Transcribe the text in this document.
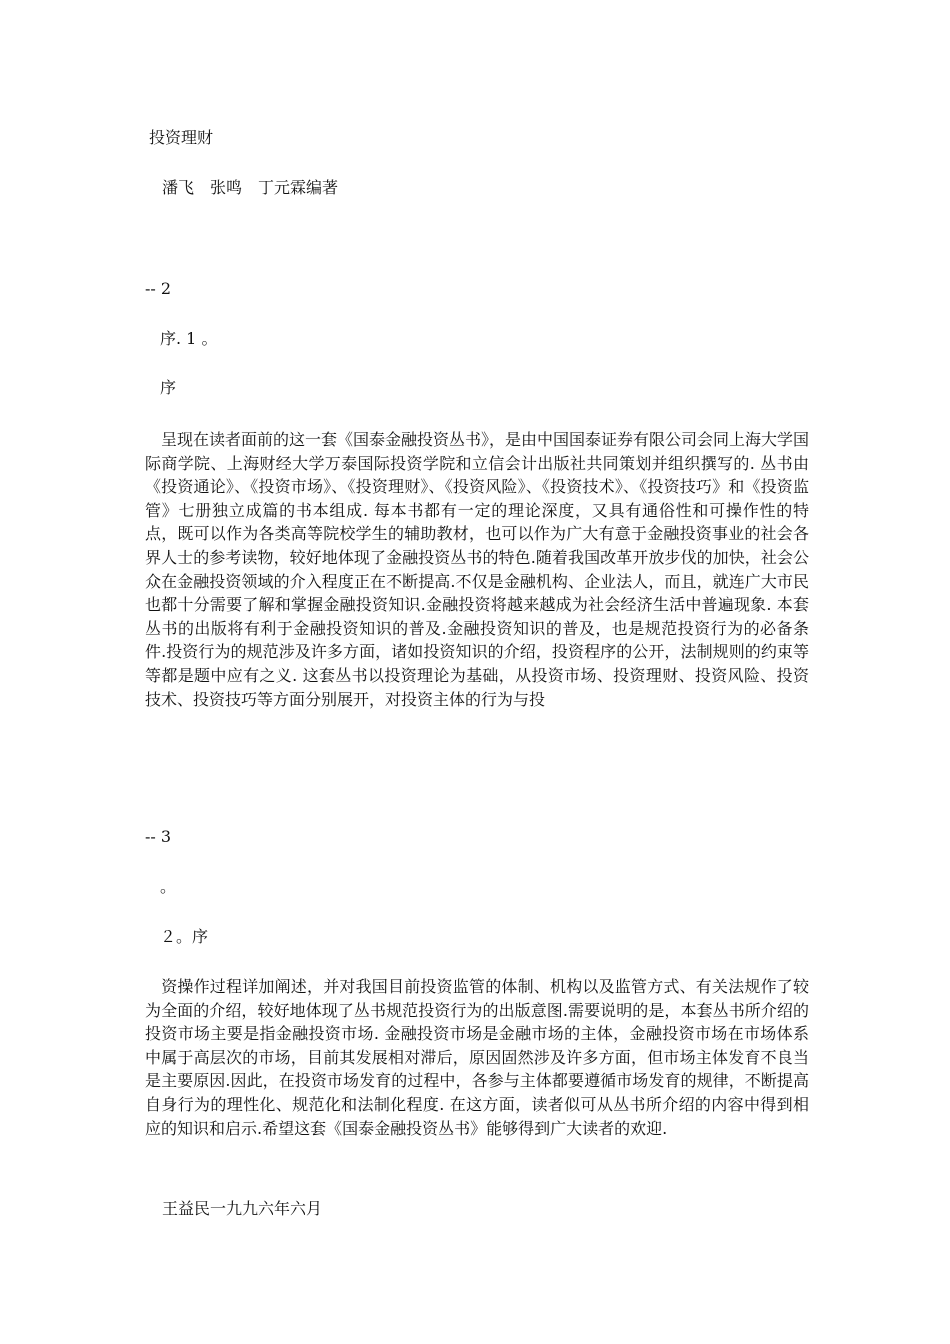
投资理财
潘飞　张鸣　丁元霖编著
-- 2
序. 1 。
序

　呈现在读者面前的这一套《国泰金融投资丛书》，是由中国国泰证券有限公司会同上海大学国际商学院、上海财经大学万泰国际投资学院和立信会计出版社共同策划并组织撰写的. 丛书由《投资通论》、《投资市场》、《投资理财》、《投资风险》、《投资技术》、《投资技巧》和《投资监管》七册独立成篇的书本组成. 每本书都有一定的理论深度，又具有通俗性和可操作性的特点，既可以作为各类高等院校学生的辅助教材，也可以作为广大有意于金融投资事业的社会各界人士的参考读物，较好地体现了金融投资丛书的特色.随着我国改革开放步伐的加快，社会公众在金融投资领域的介入程度正在不断提高.不仅是金融机构、企业法人，而且，就连广大市民也都十分需要了解和掌握金融投资知识.金融投资将越来越成为社会经济生活中普遍现象. 本套丛书的出版将有利于金融投资知识的普及.金融投资知识的普及，也是规范投资行为的必备条件.投资行为的规范涉及许多方面，诸如投资知识的介绍，投资程序的公开，法制规则的约束等等都是题中应有之义. 这套丛书以投资理论为基础，从投资市场、投资理财、投资风险、投资技术、投资技巧等方面分别展开，对投资主体的行为与投

-- 3
。
２。序

　资操作过程详加阐述，并对我国目前投资监管的体制、机构以及监管方式、有关法规作了较为全面的介绍，较好地体现了丛书规范投资行为的出版意图.需要说明的是，本套丛书所介绍的投资市场主要是指金融投资市场. 金融投资市场是金融市场的主体，金融投资市场在市场体系中属于高层次的市场，目前其发展相对滞后，原因固然涉及许多方面，但市场主体发育不良当是主要原因.因此，在投资市场发育的过程中，各参与主体都要遵循市场发育的规律，不断提高自身行为的理性化、规范化和法制化程度. 在这方面，读者似可从丛书所介绍的内容中得到相应的知识和启示.希望这套《国泰金融投资丛书》能够得到广大读者的欢迎.

王益民一九九六年六月
